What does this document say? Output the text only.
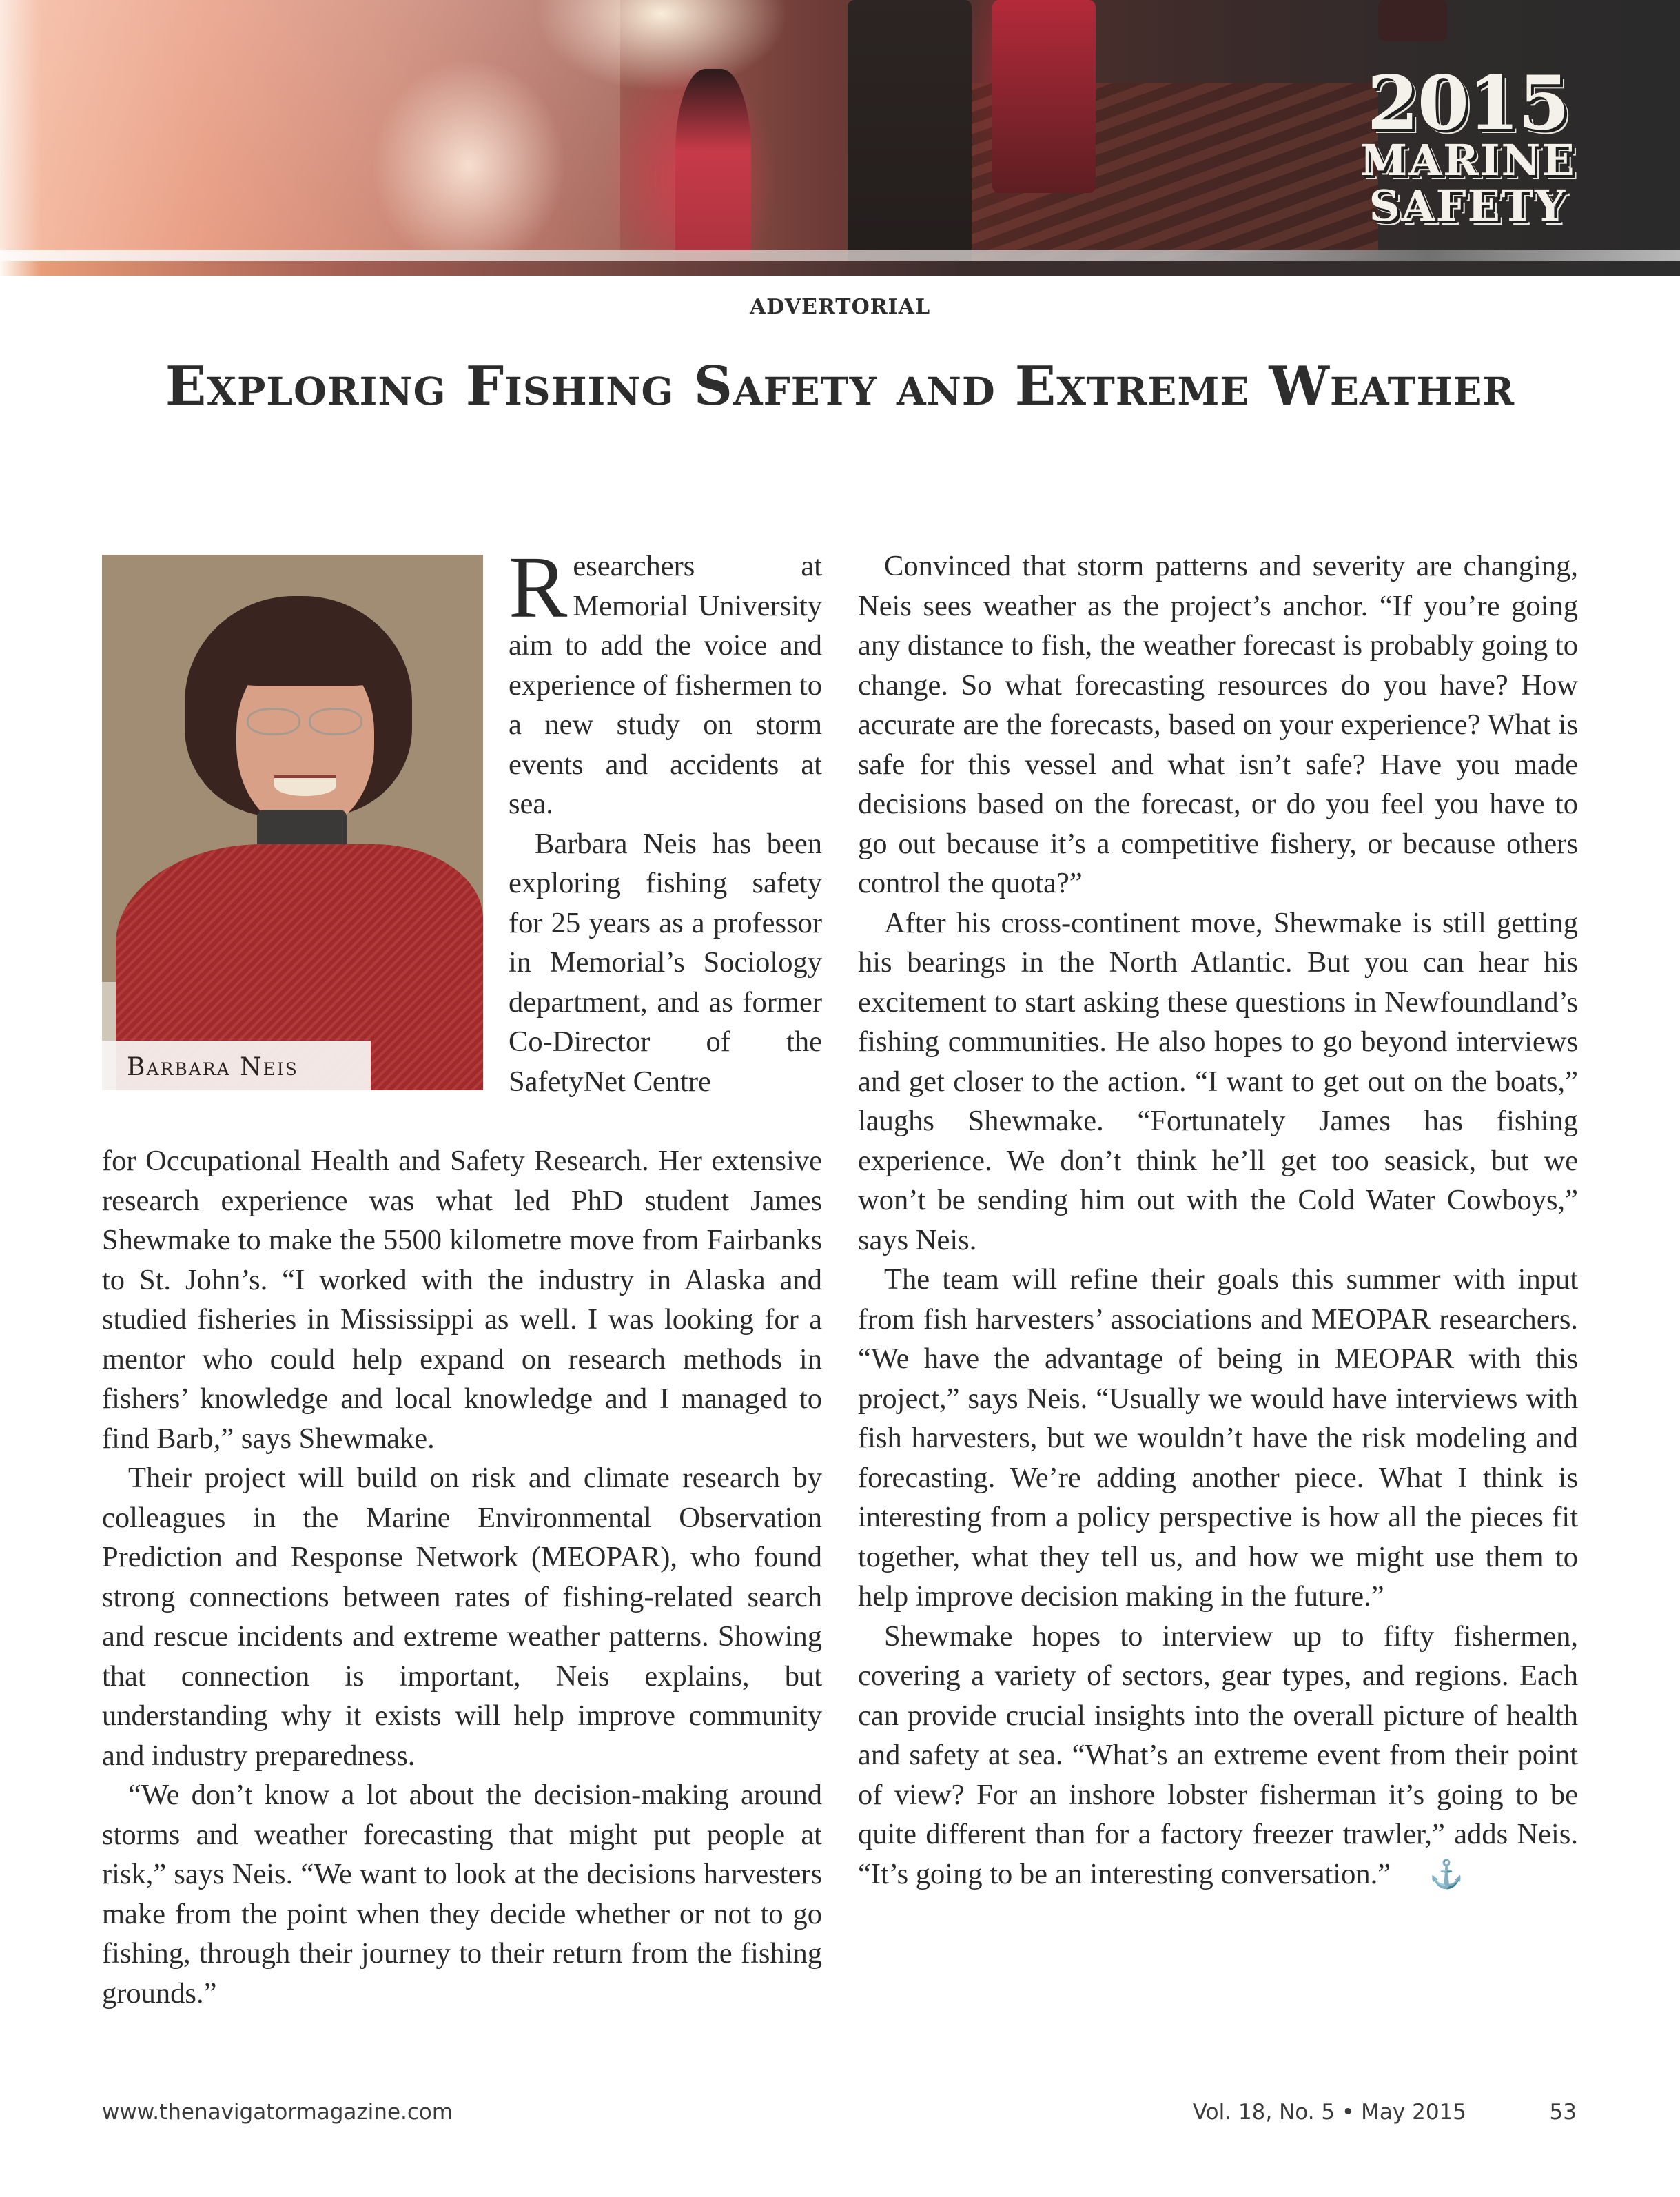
2015
MARINE
SAFETY
ADVERTORIAL
Exploring Fishing Safety and Extreme Weather
Barbara Neis

Researchers at Memorial University aim to add the voice and experience of fishermen to a new study on storm events and accidents at sea.

Barbara Neis has been exploring fishing safety for 25 years as a professor in Memorial’s Sociology department, and as former Co-Director of the SafetyNet Centre

for Occupational Health and Safety Research. Her extensive research experience was what led PhD student James Shewmake to make the 5500 kilometre move from Fairbanks to St. John’s. “I worked with the industry in Alaska and studied fisheries in Mississippi as well. I was looking for a mentor who could help expand on research methods in fishers’ knowledge and local knowledge and I managed to find Barb,” says Shewmake.

Their project will build on risk and climate research by colleagues in the Marine Environmental Observation Prediction and Response Network (MEOPAR), who found strong connections between rates of fishing-related search and rescue incidents and extreme weather patterns. Showing that connection is important, Neis explains, but understanding why it exists will help improve community and industry preparedness.

“We don’t know a lot about the decision-making around storms and weather forecasting that might put people at risk,” says Neis. “We want to look at the decisions harvesters make from the point when they decide whether or not to go fishing, through their journey to their return from the fishing grounds.”

Convinced that storm patterns and severity are changing, Neis sees weather as the project’s anchor. “If you’re going any distance to fish, the weather forecast is probably going to change. So what forecasting resources do you have? How accurate are the forecasts, based on your experience? What is safe for this vessel and what isn’t safe? Have you made decisions based on the forecast, or do you feel you have to go out because it’s a competitive fishery, or because others control the quota?”

After his cross-continent move, Shewmake is still getting his bearings in the North Atlantic. But you can hear his excitement to start asking these questions in Newfoundland’s fishing communities. He also hopes to go beyond interviews and get closer to the action. “I want to get out on the boats,” laughs Shewmake. “Fortunately James has fishing experience. We don’t think he’ll get too seasick, but we won’t be sending him out with the Cold Water Cowboys,” says Neis.

The team will refine their goals this summer with input from fish harvesters’ associations and MEOPAR researchers. “We have the advantage of being in MEOPAR with this project,” says Neis. “Usually we would have interviews with fish harvesters, but we wouldn’t have the risk modeling and forecasting. We’re adding another piece. What I think is interesting from a policy perspective is how all the pieces fit together, what they tell us, and how we might use them to help improve decision making in the future.”

Shewmake hopes to interview up to fifty fishermen, covering a variety of sectors, gear types, and regions. Each can provide crucial insights into the overall picture of health and safety at sea. “What’s an extreme event from their point of view? For an inshore lobster fisherman it’s going to be quite different than for a factory freezer trawler,” adds Neis. “It’s going to be an interesting conversation.” ⚓

www.thenavigatormagazine.com	Vol. 18, No. 5 • May 2015	53
